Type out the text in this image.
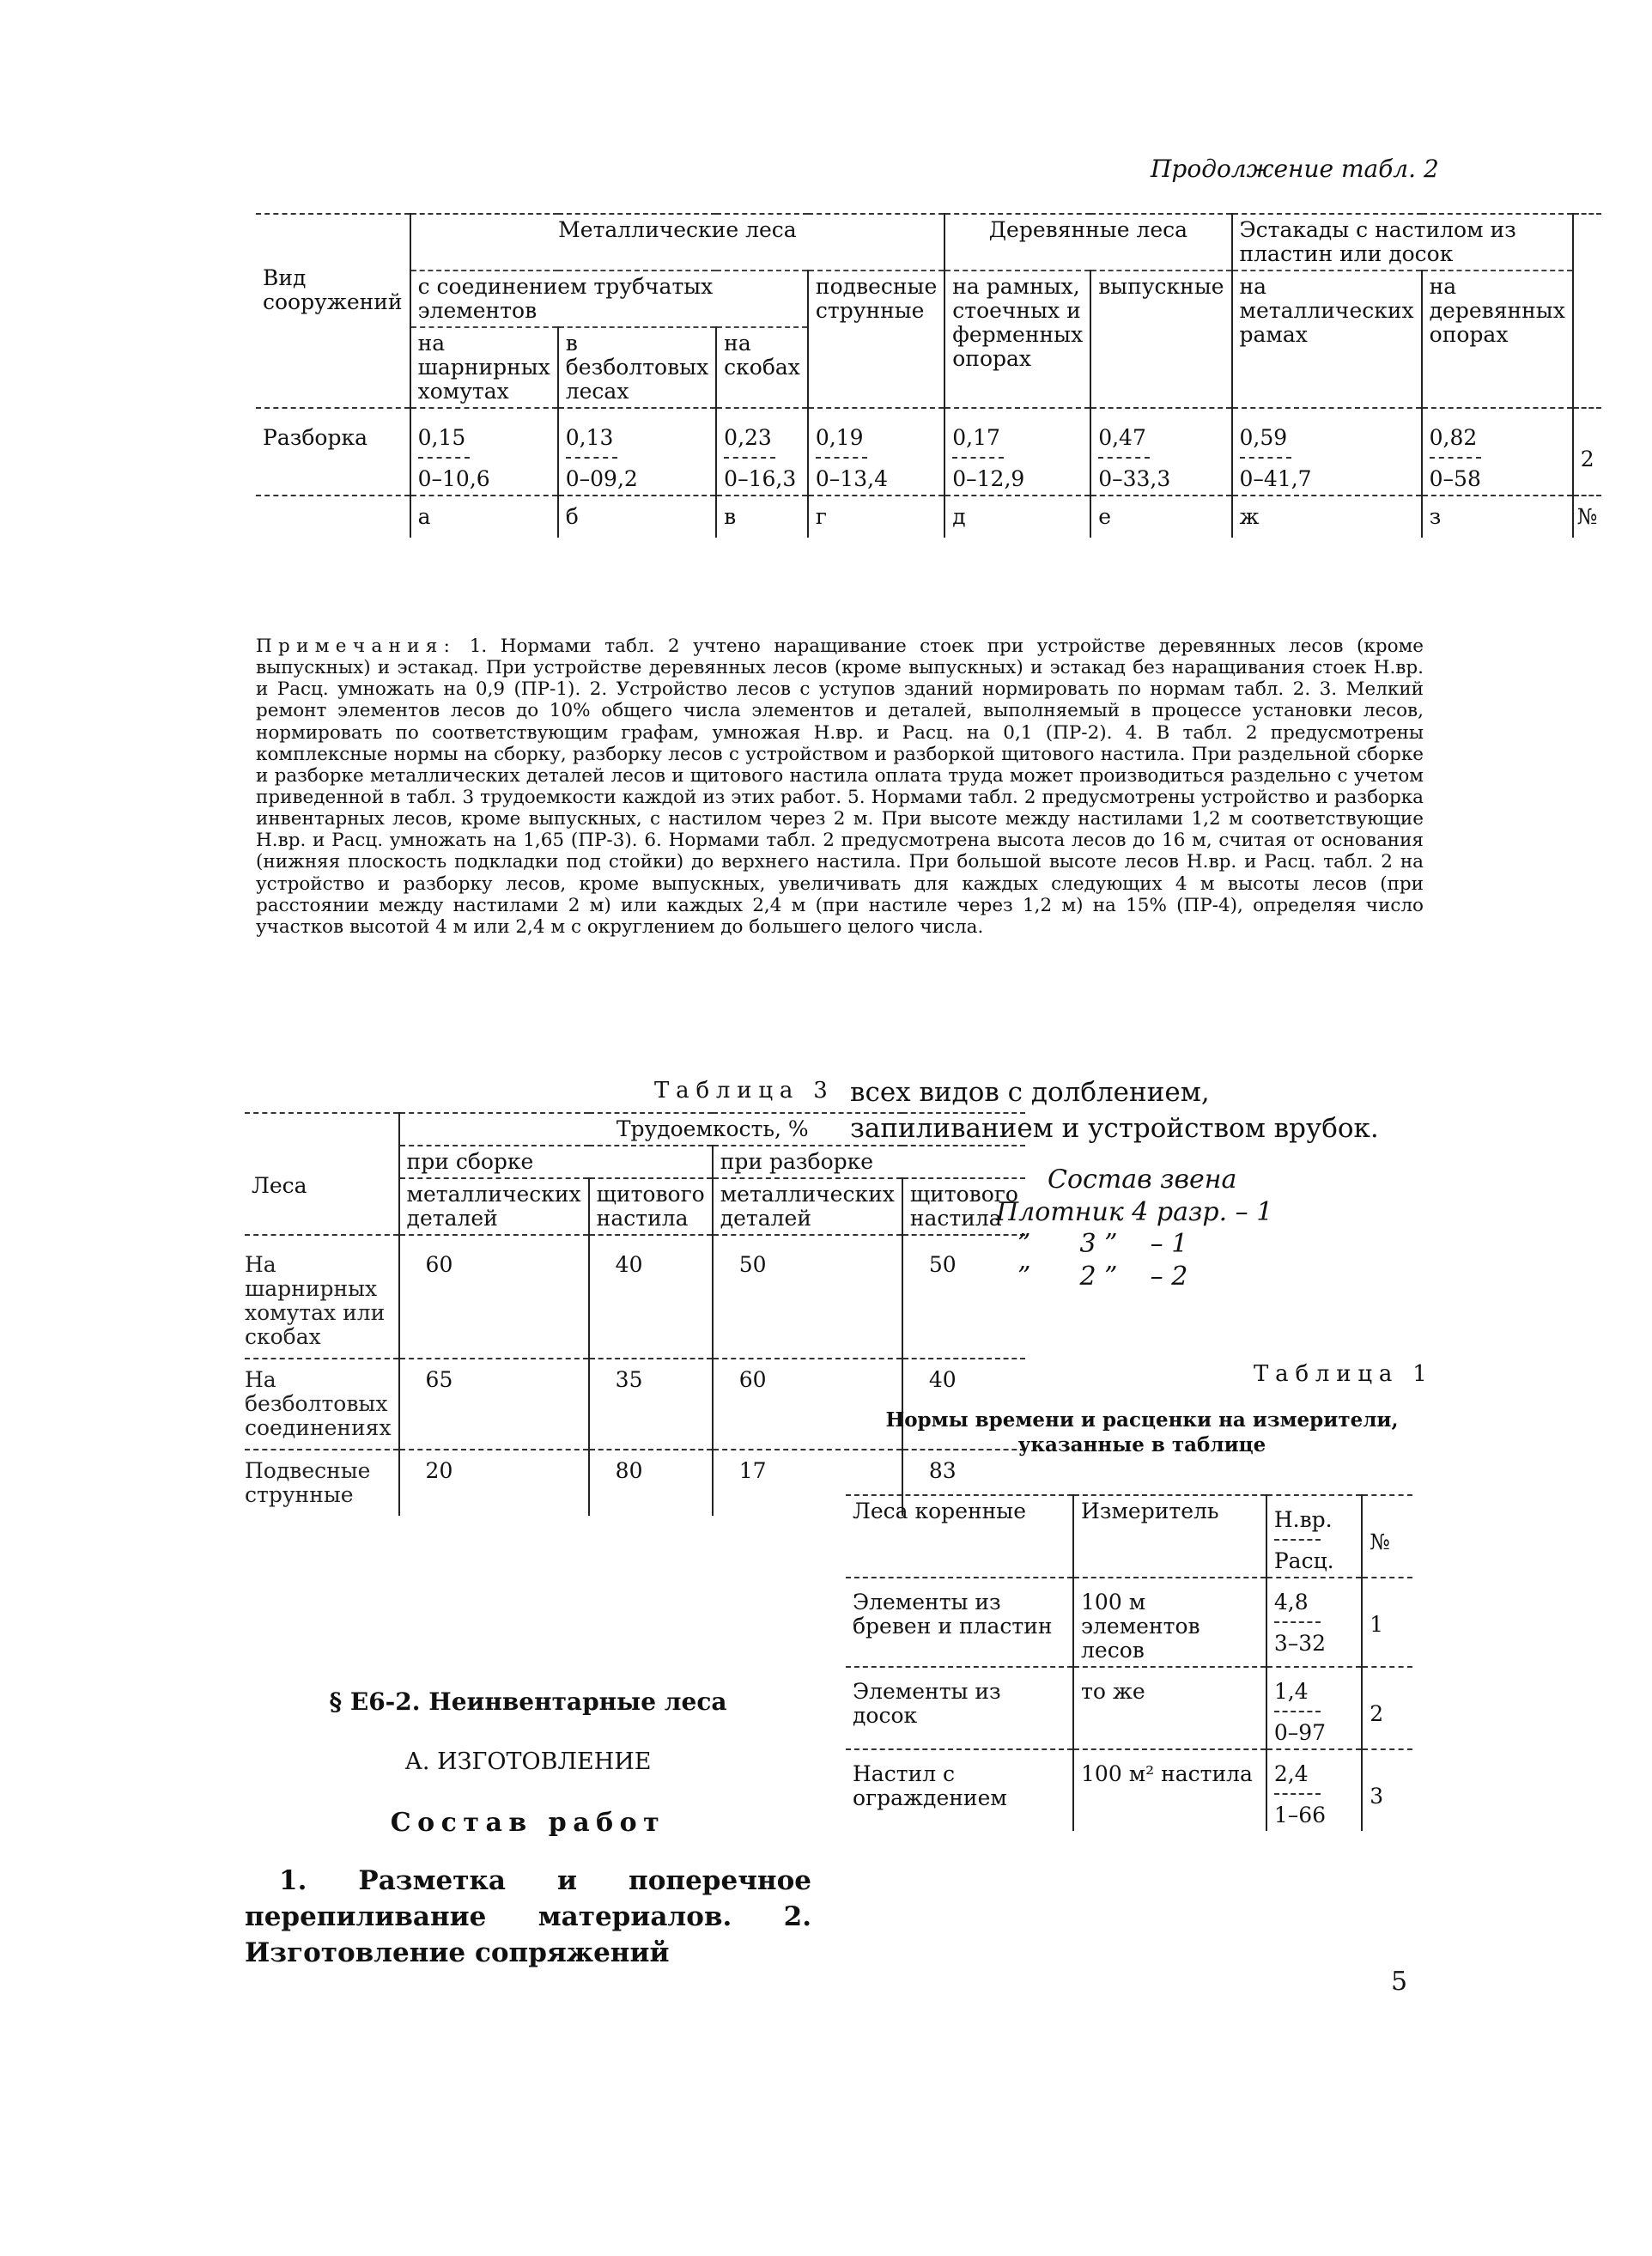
Продолжение табл. 2
Вид сооружений	Металлические леса				Деревянные леса		Эстакады с настилом из пластин или досок		
	с соединением трубчатых элементов			подвесные струнные	на рамных, стоечных и ферменных опорах	выпускные	на металлических рамах	на деревянных опорах	
	на шарнирных хомутах	в безболтовых лесах	на скобах						
Разборка	$\frac{0,15}{0-10,6}$	$\frac{0,13}{0-09,2}$	$\frac{0,23}{0-16,3}$	$\frac{0,19}{0-13,4}$	$\frac{0,17}{0-12,9}$	$\frac{0,47}{0-33,3}$	$\frac{0,59}{0-41,7}$	$\frac{0,82}{0-58}$	2
	а	б	в	г	д	е	ж	з	№
Примечания: 1. Нормами табл. 2 учтено наращивание стоек при устройстве деревянных лесов (кроме выпускных) и эстакад. При устройстве деревянных лесов (кроме выпускных) и эстакад без наращивания стоек Н.вр. и Расц. умножать на 0,9 (ПР-1). 2. Устройство лесов с уступов зданий нормировать по нормам табл. 2. 3. Мелкий ремонт элементов лесов до 10% общего числа элементов и деталей, выполняемый в процессе установки лесов, нормировать по соответствующим графам, умножая Н.вр. и Расц. на 0,1 (ПР-2). 4. В табл. 2 предусмотрены комплексные нормы на сборку, разборку лесов с устройством и разборкой щитового настила. При раздельной сборке и разборке металлических деталей лесов и щитового настила оплата труда может производиться раздельно с учетом приведенной в табл. 3 трудоемкости каждой из этих работ. 5. Нормами табл. 2 предусмотрены устройство и разборка инвентарных лесов, кроме выпускных, с настилом через 2 м. При высоте между настилами 1,2 м соответствующие Н.вр. и Расц. умножать на 1,65 (ПР-3). 6. Нормами табл. 2 предусмотрена высота лесов до 16 м, считая от основания (нижняя плоскость подкладки под стойки) до верхнего настила. При большой высоте лесов Н.вр. и Расц. табл. 2 на устройство и разборку лесов, кроме выпускных, увеличивать для каждых следующих 4 м высоты лесов (при расстоянии между настилами 2 м) или каждых 2,4 м (при настиле через 1,2 м) на 15% (ПР-4), определяя число участков высотой 4 м или 2,4 м с округлением до большего целого числа.
Таблица 3
Леса	Трудоемкость, %			
	при сборке		при разборке	
	металлических деталей	щитового настила	металлических деталей	щитового настила
На шарнирных хомутах или скобах	60	40	50	50
На безболтовых соединениях	65	35	60	40
Подвесные струнные	20	80	17	83
всех видов с долблением, запиливанием и устройством врубок.
Состав звена
Плотник 4 разр. – 1
”      3 ”    – 1
”      2 ”    – 2
Таблица 1
Нормы времени и расценки на измерители, указанные в таблице
Леса коренные	Измеритель	$\frac{Н.вр.}{\text{Расц.}}$	№
Элементы из бревен и пластин	100 м элементов лесов	$\frac{4,8}{3-32}$	1
Элементы из досок	то же	$\frac{1,4}{0-97}$	2
Настил с ограждением	100 м² настила	$\frac{2,4}{1-66}$	3
§ Е6-2. Неинвентарные леса
А. ИЗГОТОВЛЕНИЕ
Состав работ
1. Разметка и поперечное перепиливание материалов. 2. Изготовление сопряжений
5
